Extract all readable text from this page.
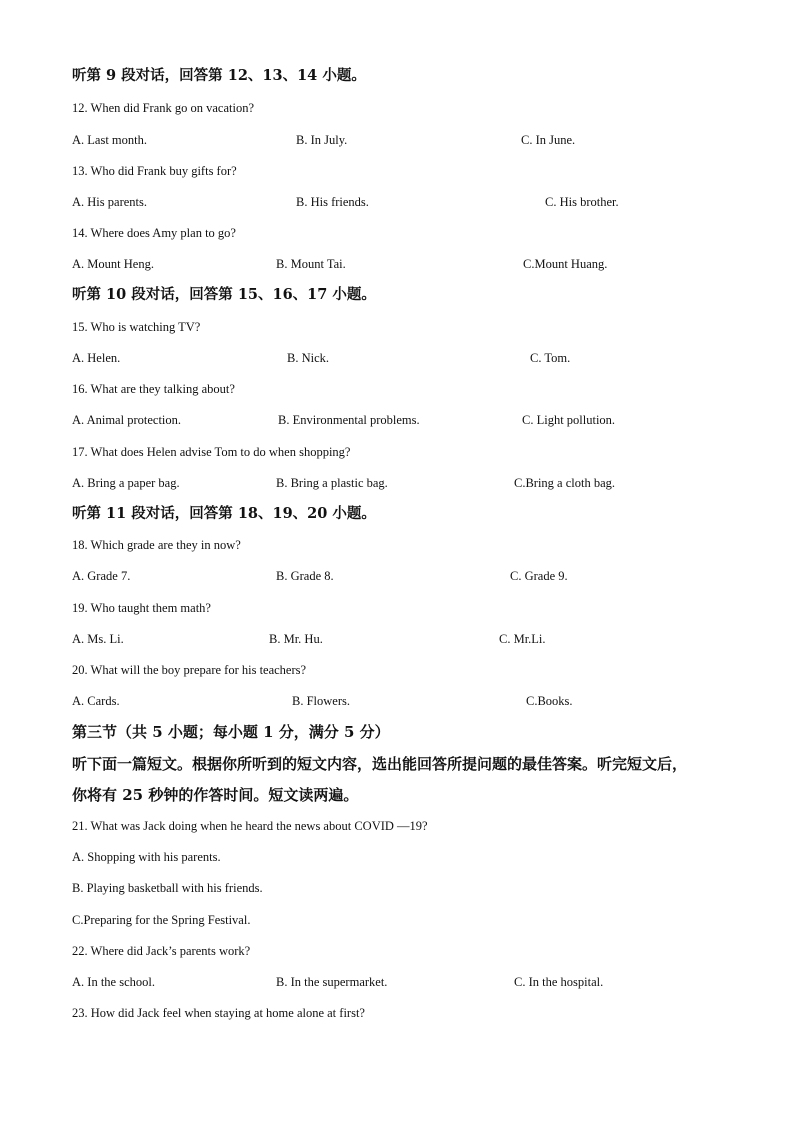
听第 9 段对话，回答第 12、13、14 小题。
12. When did Frank go on vacation?
A. Last month.	B. In July.	C. In June.
13. Who did Frank buy gifts for?
A. His parents.	B. His friends.	C. His brother.
14. Where does Amy plan to go?
A. Mount Heng.	B. Mount Tai.	C.Mount Huang.
听第 10 段对话，回答第 15、16、17 小题。
15. Who is watching TV?
A. Helen.	B. Nick.	C. Tom.
16. What are they talking about?
A. Animal protection.	B. Environmental problems.	C. Light pollution.
17. What does Helen advise Tom to do when shopping?
A. Bring a paper bag.	B. Bring a plastic bag.	C.Bring a cloth bag.
听第 11 段对话，回答第 18、19、20 小题。
18. Which grade are they in now?
A. Grade 7.	B. Grade 8.	C. Grade 9.
19. Who taught them math?
A. Ms. Li.	B. Mr. Hu.	C. Mr.Li.
20. What will the boy prepare for his teachers?
A. Cards.	B. Flowers.	C.Books.
第三节（共 5 小题；每小题 1 分，满分 5 分）
听下面一篇短文。根据你所听到的短文内容，选出能回答所提问题的最佳答案。听完短文后，
你将有 25 秒钟的作答时间。短文读两遍。
21. What was Jack doing when he heard the news about COVID —19?
A. Shopping with his parents.
B. Playing basketball with his friends.
C.Preparing for the Spring Festival.
22. Where did Jack’s parents work?
A. In the school.	B. In the supermarket.	C. In the hospital.
23. How did Jack feel when staying at home alone at first?
